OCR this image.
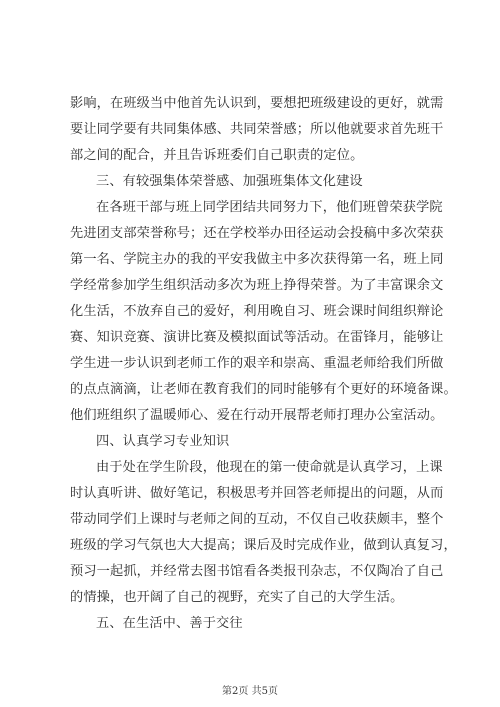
影响，在班级当中他首先认识到，要想把班级建设的更好，就需
要让同学要有共同集体感、共同荣誉感；所以他就要求首先班干
部之间的配合，并且告诉班委们自己职责的定位。
三、有较强集体荣誉感、加强班集体文化建设
在各班干部与班上同学团结共同努力下，他们班曾荣获学院
先进团支部荣誉称号；还在学校举办田径运动会投稿中多次荣获
第一名、学院主办的我的平安我做主中多次获得第一名，班上同
学经常参加学生组织活动多次为班上挣得荣誉。为了丰富课余文
化生活，不放弃自己的爱好，利用晚自习、班会课时间组织辩论
赛、知识竞赛、演讲比赛及模拟面试等活动。在雷锋月，能够让
学生进一步认识到老师工作的艰辛和崇高、重温老师给我们所做
的点点滴滴，让老师在教育我们的同时能够有个更好的环境备课。
他们班组织了温暖师心、爱在行动开展帮老师打理办公室活动。
四、认真学习专业知识
由于处在学生阶段，他现在的第一使命就是认真学习，上课
时认真听讲、做好笔记，积极思考并回答老师提出的问题，从而
带动同学们上课时与老师之间的互动，不仅自己收获颇丰，整个
班级的学习气氛也大大提高；课后及时完成作业，做到认真复习，
预习一起抓，并经常去图书馆看各类报刊杂志，不仅陶冶了自己
的情操，也开阔了自己的视野，充实了自己的大学生活。
五、在生活中、善于交往
第2页 共5页
